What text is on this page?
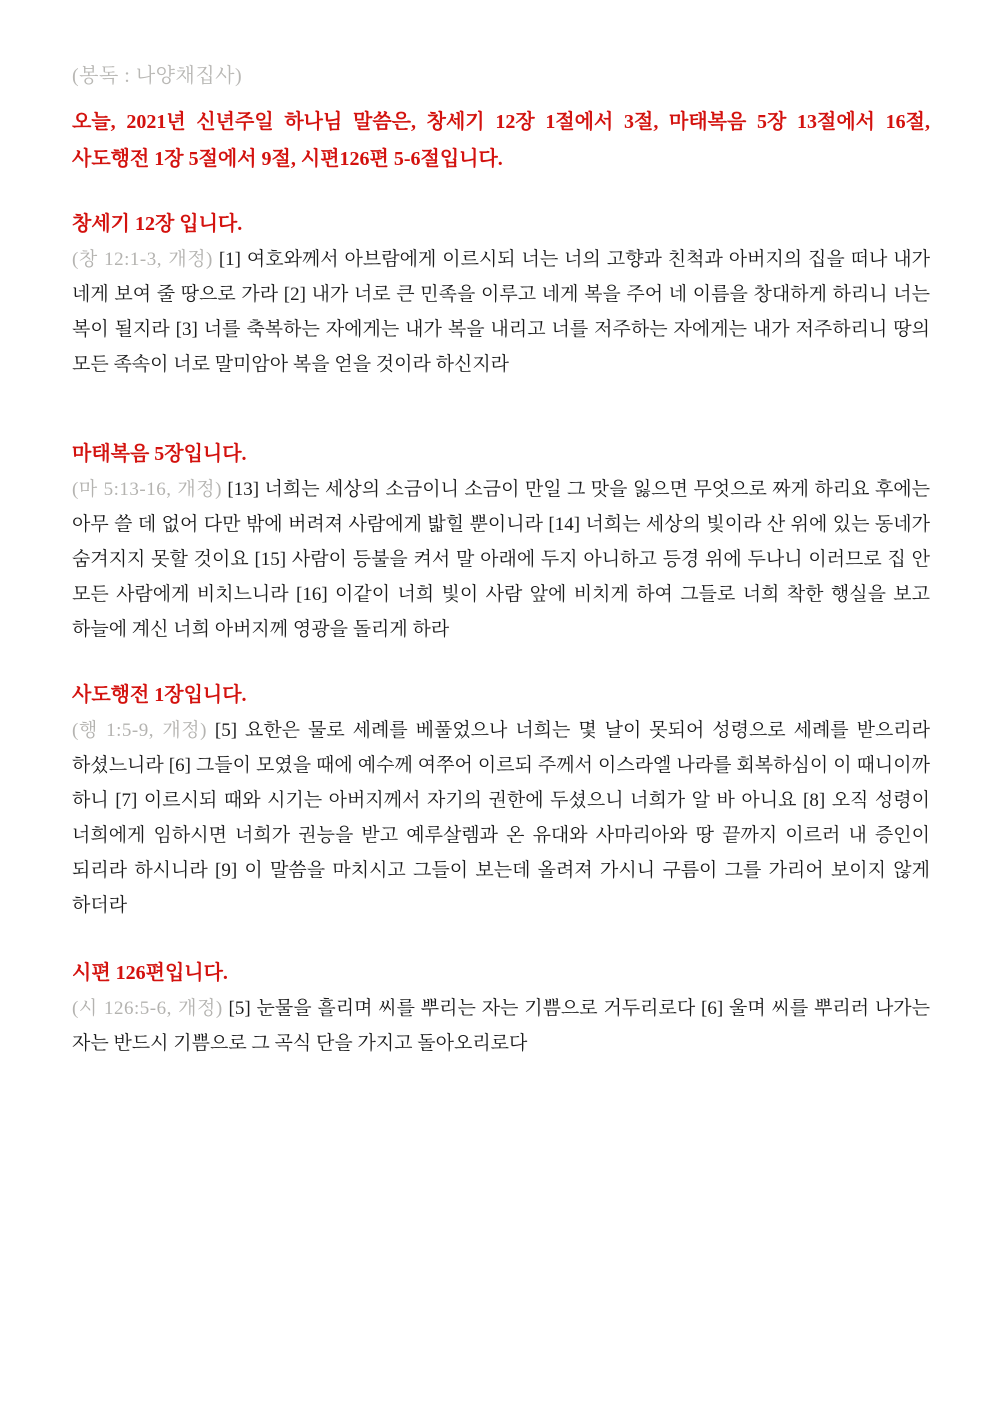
(봉독 : 나양채집사)

오늘, 2021년 신년주일 하나님 말씀은, 창세기 12장 1절에서 3절, 마태복음 5장 13절에서 16절, 사도행전 1장 5절에서 9절, 시편126편 5-6절입니다.

창세기 12장 입니다.

(창 12:1-3, 개정) [1] 여호와께서 아브람에게 이르시되 너는 너의 고향과 친척과 아버지의 집을 떠나 내가 네게 보여 줄 땅으로 가라 [2] 내가 너로 큰 민족을 이루고 네게 복을 주어 네 이름을 창대하게 하리니 너는 복이 될지라 [3] 너를 축복하는 자에게는 내가 복을 내리고 너를 저주하는 자에게는 내가 저주하리니 땅의 모든 족속이 너로 말미암아 복을 얻을 것이라 하신지라

마태복음 5장입니다.

(마 5:13-16, 개정) [13] 너희는 세상의 소금이니 소금이 만일 그 맛을 잃으면 무엇으로 짜게 하리요 후에는 아무 쓸 데 없어 다만 밖에 버려져 사람에게 밟힐 뿐이니라 [14] 너희는 세상의 빛이라 산 위에 있는 동네가 숨겨지지 못할 것이요 [15] 사람이 등불을 켜서 말 아래에 두지 아니하고 등경 위에 두나니 이러므로 집 안 모든 사람에게 비치느니라 [16] 이같이 너희 빛이 사람 앞에 비치게 하여 그들로 너희 착한 행실을 보고 하늘에 계신 너희 아버지께 영광을 돌리게 하라

사도행전 1장입니다.

(행 1:5-9, 개정) [5] 요한은 물로 세례를 베풀었으나 너희는 몇 날이 못되어 성령으로 세례를 받으리라 하셨느니라 [6] 그들이 모였을 때에 예수께 여쭈어 이르되 주께서 이스라엘 나라를 회복하심이 이 때니이까 하니 [7] 이르시되 때와 시기는 아버지께서 자기의 권한에 두셨으니 너희가 알 바 아니요 [8] 오직 성령이 너희에게 임하시면 너희가 권능을 받고 예루살렘과 온 유대와 사마리아와 땅 끝까지 이르러 내 증인이 되리라 하시니라 [9] 이 말씀을 마치시고 그들이 보는데 올려져 가시니 구름이 그를 가리어 보이지 않게 하더라

시편 126편입니다.

(시 126:5-6, 개정) [5] 눈물을 흘리며 씨를 뿌리는 자는 기쁨으로 거두리로다 [6] 울며 씨를 뿌리러 나가는 자는 반드시 기쁨으로 그 곡식 단을 가지고 돌아오리로다
